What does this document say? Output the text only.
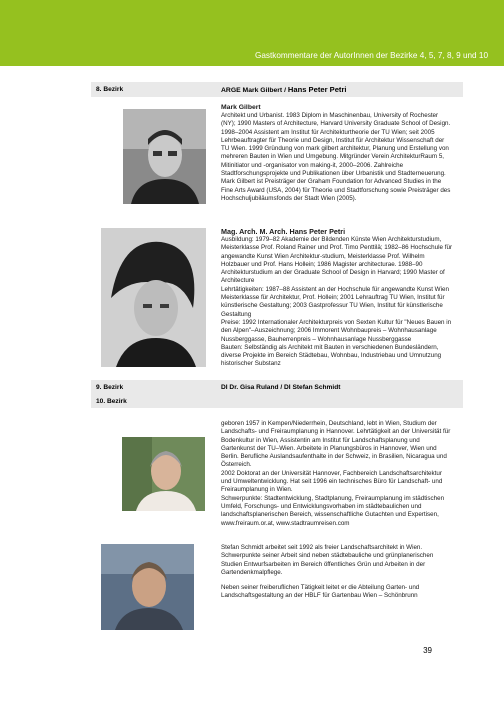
Gastkommentare der AutorInnen der Bezirke 4, 5, 7, 8, 9 und 10
8. Bezirk	ARGE Mark Gilbert / Hans Peter Petri

Mark Gilbert

Architekt und Urbanist. 1983 Diplom in Maschinenbau, University of Rochester (NY); 1990 Masters of Architecture, Harvard University Graduate School of Design. 1998–2004 Assistent am Institut für Architekturtheorie der TU Wien; seit 2005 Lehrbeauftragter für Theorie und Design, Institut für Architektur Wissenschaft der TU Wien. 1999 Gründung von mark gilbert architektur, Planung und Erstellung von mehreren Bauten in Wien und Umgebung. Mitgründer Verein ArchitekturRaum 5, Mitinitiator und -organisator von making-it, 2000–2006. Zahlreiche Stadtforschungsprojekte und Publikationen über Urbanistik und Stadterneuerung.

Mark Gilbert ist Preisträger der Graham Foundation for Advanced Studies in the Fine Arts Award (USA, 2004) für Theorie und Stadtforschung sowie Preisträger des Hochschuljubiläumsfonds der Stadt Wien (2005).

Mag. Arch. M. Arch. Hans Peter Petri

Ausbildung: 1979–82 Akademie der Bildenden Künste Wien Architekturstudium, Meisterklasse Prof. Roland Rainer und Prof. Timo Penttilä; 1982–86 Hochschule für angewandte Kunst Wien Architektur-studium, Meisterklasse Prof. Wilhelm Holzbauer und Prof. Hans Hollein; 1986 Magister architecturae. 1988–90 Architekturstudium an der Graduate School of Design in Harvard; 1990 Master of Architecture

Lehrtätigkeiten: 1987–88 Assistent an der Hochschule für angewandte Kunst Wien Meisterklasse für Architektur, Prof. Hollein; 2001 Lehrauftrag TU Wien, Institut für künstlerische Gestaltung; 2003 Gastprofessur TU Wien, Institut für künstlerische Gestaltung

Preise: 1992 Internationaler Architekturpreis von Sexten Kultur für "Neues Bauen in den Alpen"–Auszeichnung; 2006 Immorent Wohnbaupreis – Wohnhausanlage Nussberggasse, Bauherrenpreis – Wohnhausanlage Nussberggasse

Bauten: Selbständig als Architekt mit Bauten in verschiedenen Bundesländern, diverse Projekte im Bereich Städtebau, Wohnbau, Industriebau und Umnutzung historischer Substanz

9. Bezirk
10. Bezirk
DI Dr. Gisa Ruland / DI Stefan Schmidt

geboren 1957 in Kempen/Niederrhein, Deutschland, lebt in Wien, Studium der Landschafts- und Freiraumplanung in Hannover. Lehrtätigkeit an der Universität für Bodenkultur in Wien, Assistentin am Institut für Landschaftsplanung und Gartenkunst der TU–Wien. Arbeitete in Planungsbüros in Hannover, Wien und Berlin. Berufliche Auslandsaufenthalte in der Schweiz, in Brasilien, Nicaragua und Österreich.

2002 Doktorat an der Universität Hannover, Fachbereich Landschaftsarchitektur und Umweltentwicklung. Hat seit 1996 ein technisches Büro für Landschaft- und Freiraumplanung in Wien.

Schwerpunkte: Stadtentwicklung, Stadtplanung, Freiraumplanung im städtischen Umfeld, Forschungs- und Entwicklungsvorhaben im städtebaulichen und landschaftsplanerischen Bereich, wissenschaftliche Gutachten und Expertisen, www.freiraum.or.at, www.stadtraumreisen.com

Stefan Schmidt arbeitet seit 1992 als freier Landschaftsarchitekt in Wien. Schwerpunkte seiner Arbeit sind neben städtebauliche und grünplanerischen Studien Entwurfsarbeiten im Bereich öffentliches Grün und Arbeiten in der Gartendenkmalpflege.

Neben seiner freiberuflichen Tätigkeit leitet er die Abteilung Garten- und Landschaftsgestaltung an der HBLF für Gartenbau Wien – Schönbrunn

39
